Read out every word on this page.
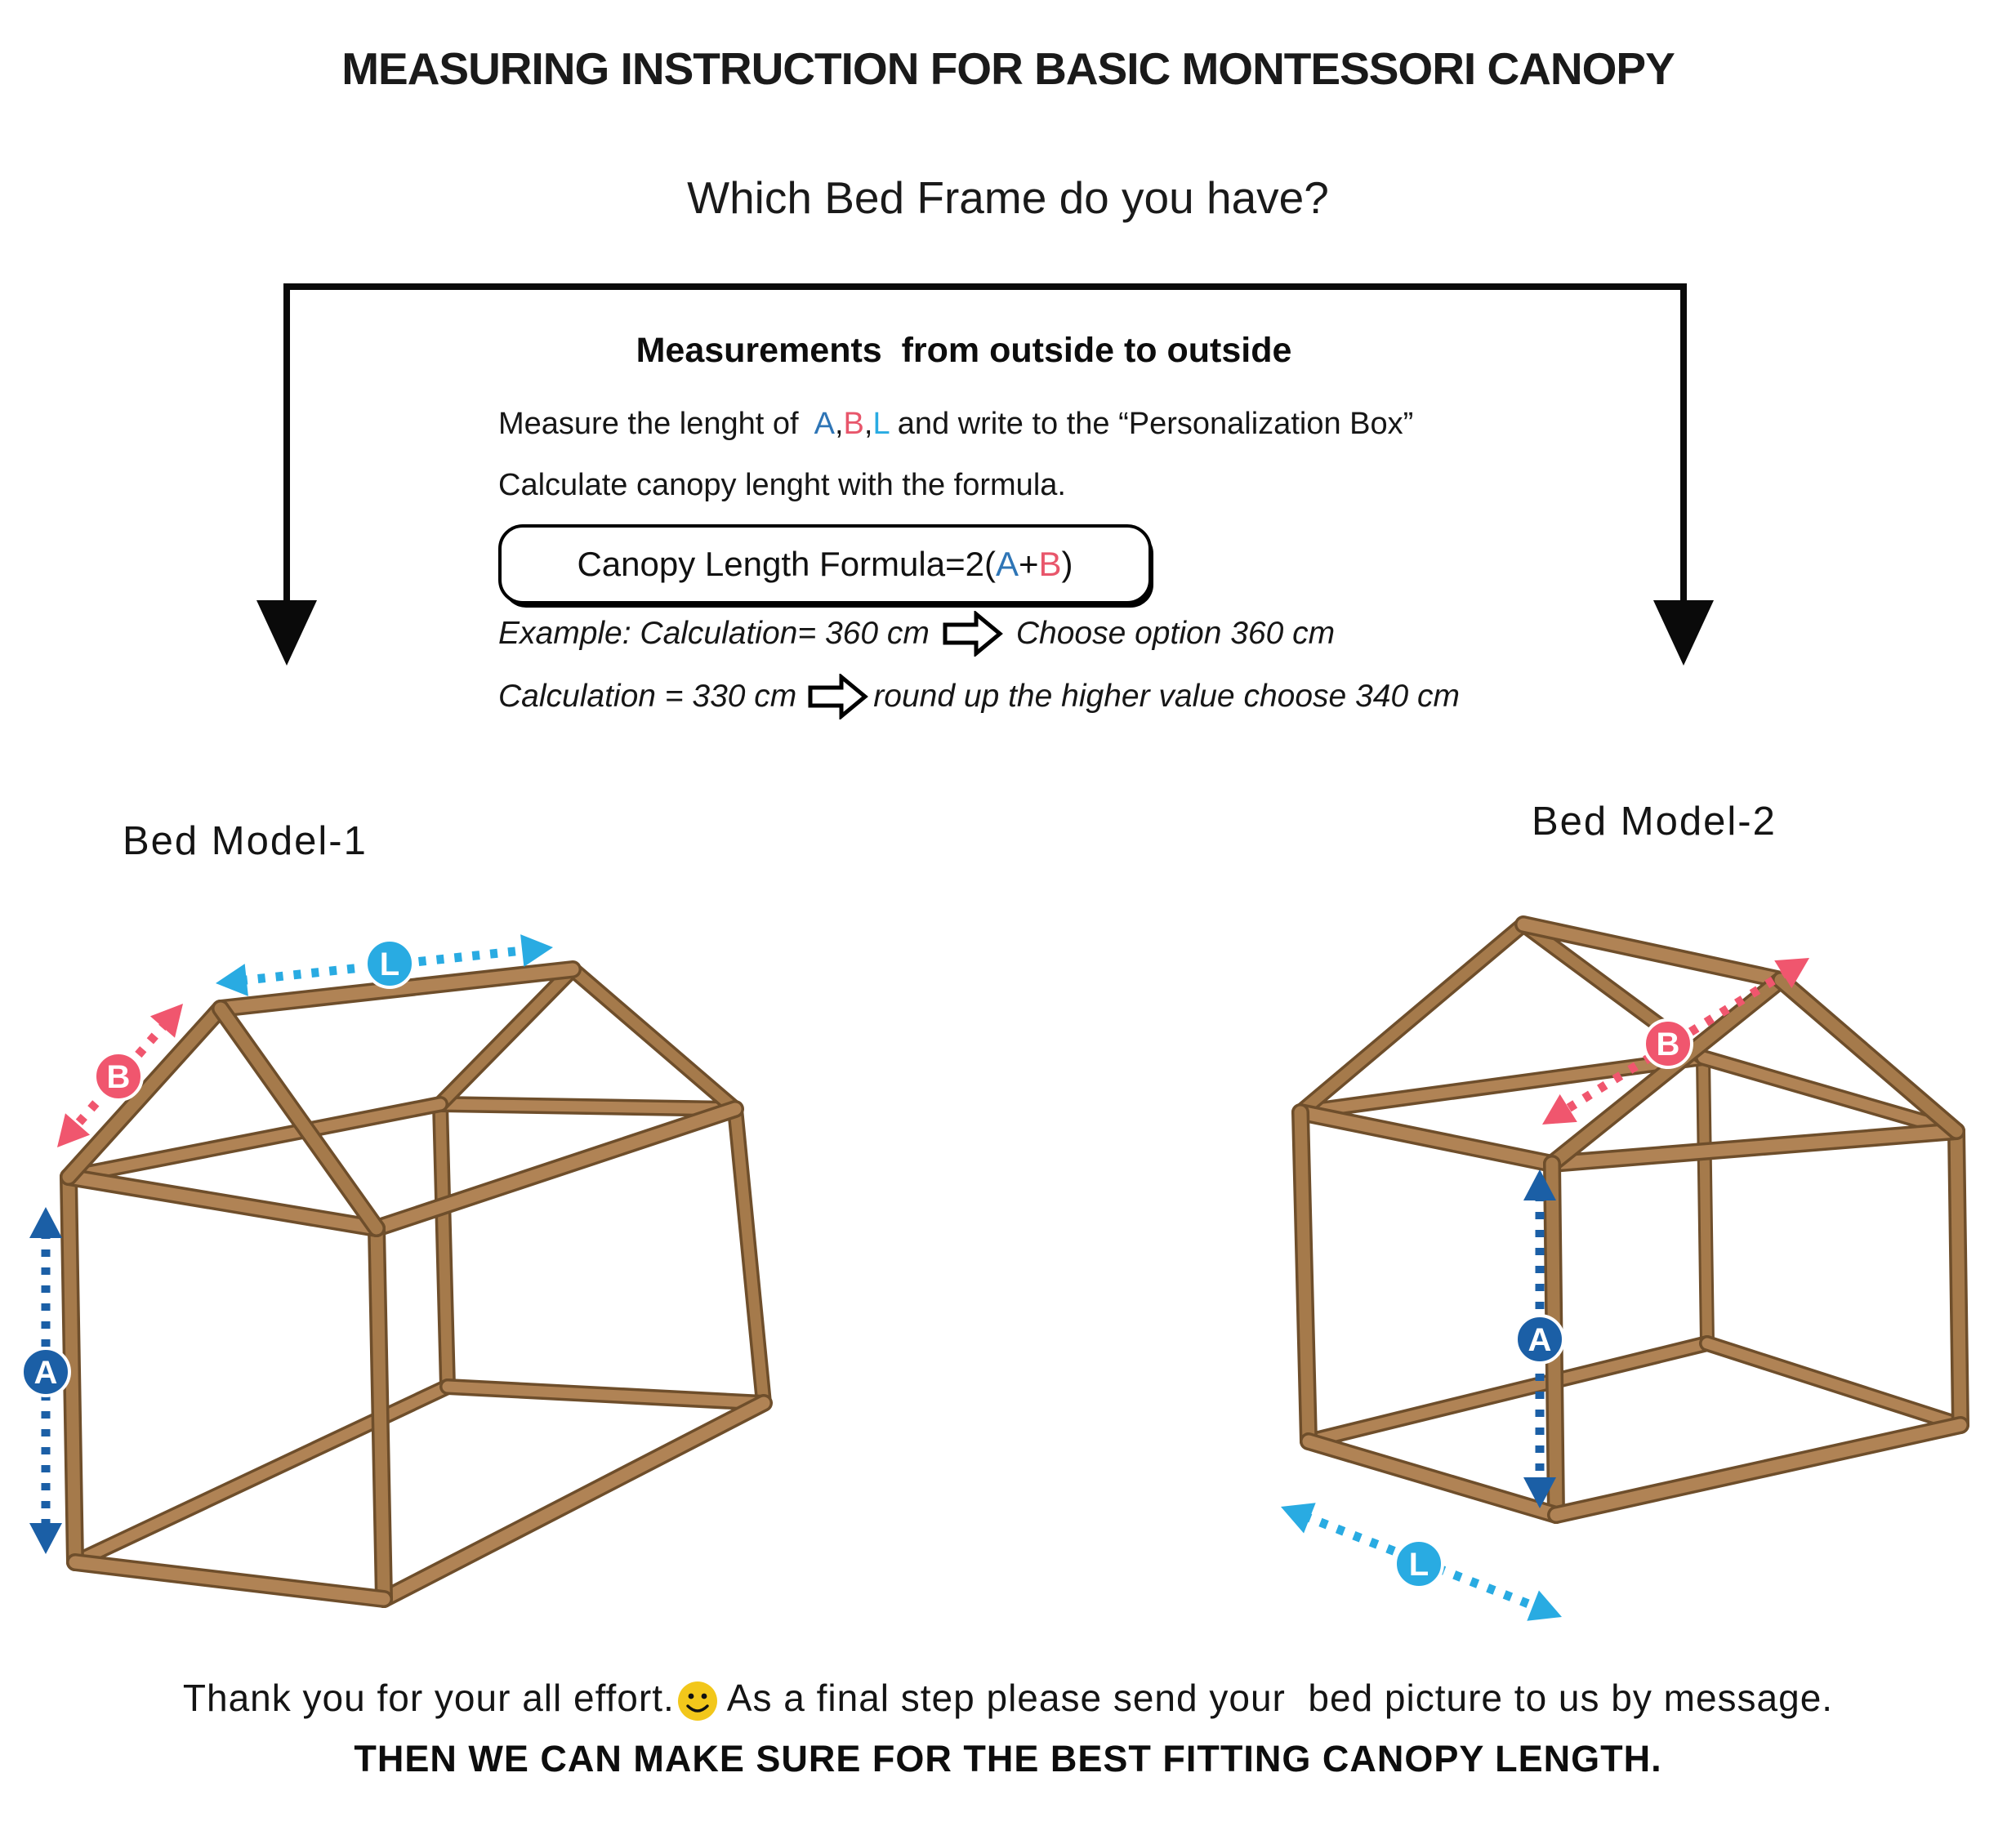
MEASURING INSTRUCTION FOR BASIC MONTESSORI CANOPY
Which Bed Frame do you have?
Measurements  from outside to outside
Measure the lenght of  A,B,L and write to the “Personalization Box”
Calculate canopy lenght with the formula.
Canopy Length Formula=2(A+B)
Example: Calculation= 360 cm	Choose option 360 cm
Calculation = 330 cm round up the higher value choose 340 cm
Bed Model-1	Bed Model-2
L
B
A
B
A
L
Thank you for your all effort. As a final step please send your  bed picture to us by message.
THEN WE CAN MAKE SURE FOR THE BEST FITTING CANOPY LENGTH.
